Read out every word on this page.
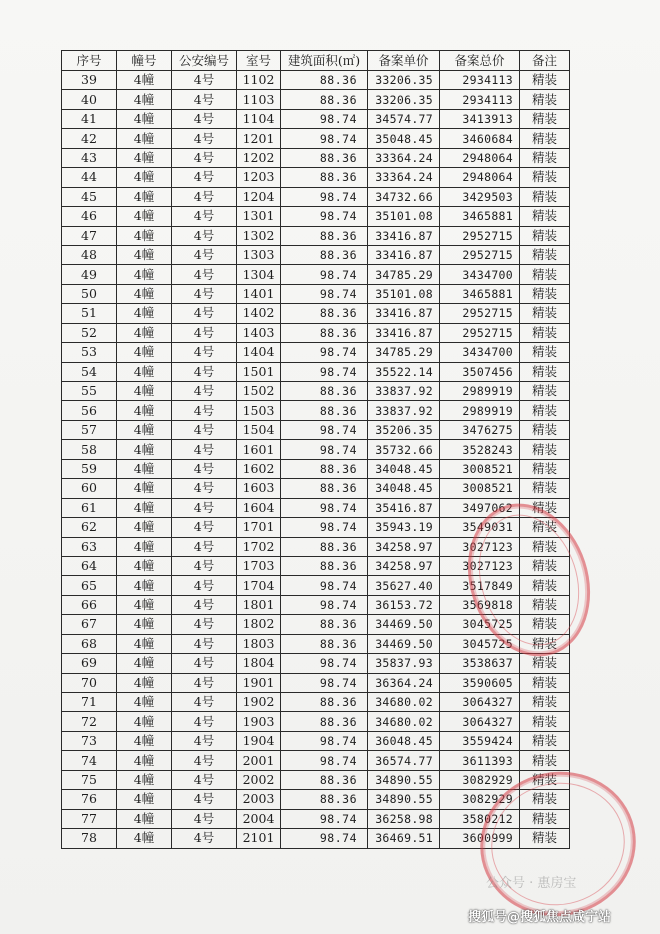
序号	幢号	公安编号	室号	建筑面积(㎡)	备案单价	备案总价	备注
39	4幢	4号	1102	88.36	33206.35	2934113	精装
40	4幢	4号	1103	88.36	33206.35	2934113	精装
41	4幢	4号	1104	98.74	34574.77	3413913	精装
42	4幢	4号	1201	98.74	35048.45	3460684	精装
43	4幢	4号	1202	88.36	33364.24	2948064	精装
44	4幢	4号	1203	88.36	33364.24	2948064	精装
45	4幢	4号	1204	98.74	34732.66	3429503	精装
46	4幢	4号	1301	98.74	35101.08	3465881	精装
47	4幢	4号	1302	88.36	33416.87	2952715	精装
48	4幢	4号	1303	88.36	33416.87	2952715	精装
49	4幢	4号	1304	98.74	34785.29	3434700	精装
50	4幢	4号	1401	98.74	35101.08	3465881	精装
51	4幢	4号	1402	88.36	33416.87	2952715	精装
52	4幢	4号	1403	88.36	33416.87	2952715	精装
53	4幢	4号	1404	98.74	34785.29	3434700	精装
54	4幢	4号	1501	98.74	35522.14	3507456	精装
55	4幢	4号	1502	88.36	33837.92	2989919	精装
56	4幢	4号	1503	88.36	33837.92	2989919	精装
57	4幢	4号	1504	98.74	35206.35	3476275	精装
58	4幢	4号	1601	98.74	35732.66	3528243	精装
59	4幢	4号	1602	88.36	34048.45	3008521	精装
60	4幢	4号	1603	88.36	34048.45	3008521	精装
61	4幢	4号	1604	98.74	35416.87	3497062	精装
62	4幢	4号	1701	98.74	35943.19	3549031	精装
63	4幢	4号	1702	88.36	34258.97	3027123	精装
64	4幢	4号	1703	88.36	34258.97	3027123	精装
65	4幢	4号	1704	98.74	35627.40	3517849	精装
66	4幢	4号	1801	98.74	36153.72	3569818	精装
67	4幢	4号	1802	88.36	34469.50	3045725	精装
68	4幢	4号	1803	88.36	34469.50	3045725	精装
69	4幢	4号	1804	98.74	35837.93	3538637	精装
70	4幢	4号	1901	98.74	36364.24	3590605	精装
71	4幢	4号	1902	88.36	34680.02	3064327	精装
72	4幢	4号	1903	88.36	34680.02	3064327	精装
73	4幢	4号	1904	98.74	36048.45	3559424	精装
74	4幢	4号	2001	98.74	36574.77	3611393	精装
75	4幢	4号	2002	88.36	34890.55	3082929	精装
76	4幢	4号	2003	88.36	34890.55	3082929	精装
77	4幢	4号	2004	98.74	36258.98	3580212	精装
78	4幢	4号	2101	98.74	36469.51	3600999	精装
公众号 · 惠房宝
搜狐号@搜狐焦点咸宁站
